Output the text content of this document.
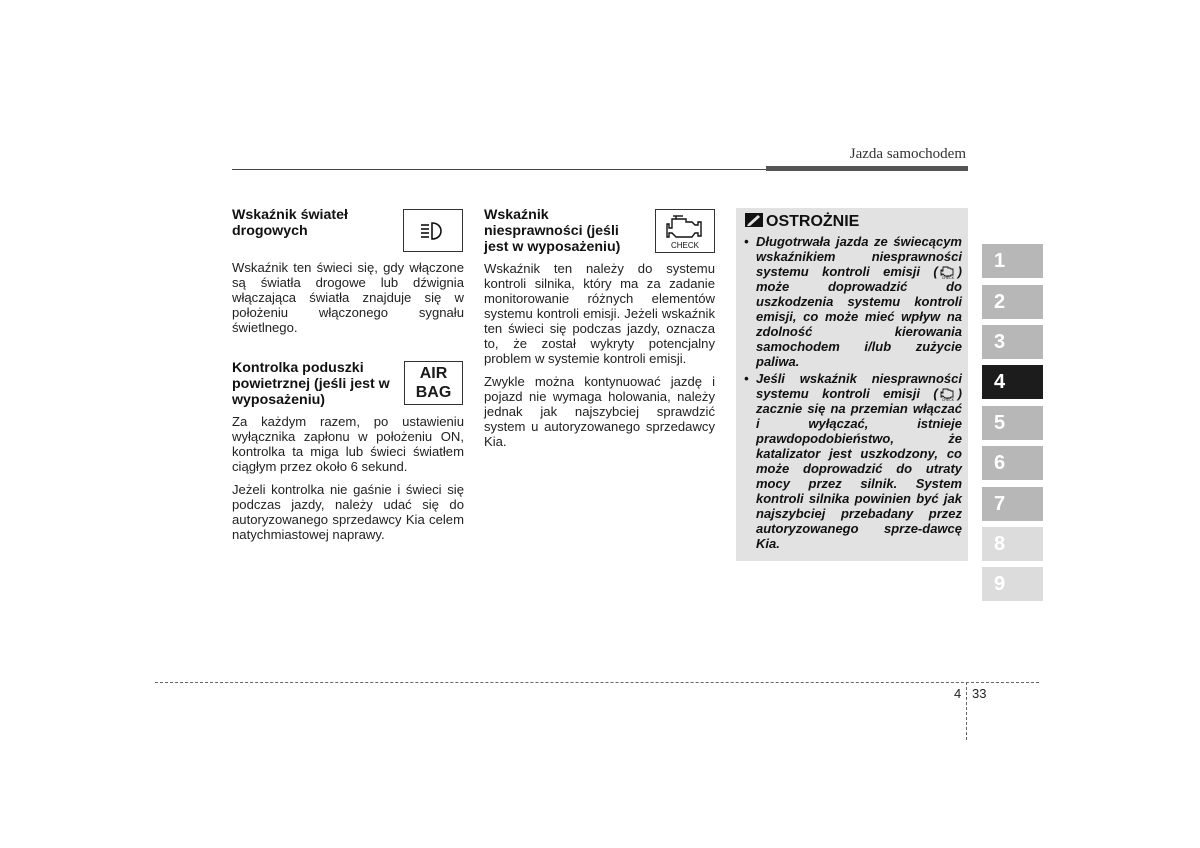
Jazda samochodem
Wskaźnik świateł drogowych

Wskaźnik ten świeci się, gdy włączone są światła drogowe lub dźwignia włączająca światła znajduje się w położeniu włączonego sygnału świetlnego.

Kontrolka poduszki powietrznej (jeśli jest w wyposażeniu)
AIR
BAG

Za każdym razem, po ustawieniu wyłącznika zapłonu w położeniu ON, kontrolka ta miga lub świeci światłem ciągłym przez około 6 sekund.

Jeżeli kontrolka nie gaśnie i świeci się podczas jazdy, należy udać się do autoryzowanego sprzedawcy Kia celem natychmiastowej naprawy.

Wskaźnik niesprawności (jeśli jest w wyposażeniu)	CHECK

Wskaźnik ten należy do systemu kontroli silnika, który ma za zadanie monitorowanie różnych elementów systemu kontroli emisji. Jeżeli wskaźnik ten świeci się podczas jazdy, oznacza to, że został wykryty potencjalny problem w systemie kontroli emisji.

Zwykle można kontynuować jazdę i pojazd nie wymaga holowania, należy jednak jak najszybciej sprawdzić system u autoryzowanego sprzedawcy Kia.

OSTROŻNIE
• Długotrwała jazda ze świecącym wskaźnikiem niesprawności systemu kontroli emisji ( CHECK ) może doprowadzić do uszkodzenia systemu kontroli emisji, co może mieć wpływ na zdolność kierowania samochodem i/lub zużycie paliwa.
• Jeśli wskaźnik niesprawności systemu kontroli emisji ( CHECK ) zacznie się na przemian włączać i wyłączać, istnieje prawdopodobieństwo, że katalizator jest uszkodzony, co może doprowadzić do utraty mocy przez silnik. System kontroli silnika powinien być jak najszybciej przebadany przez autoryzowanego sprze-dawcę Kia.
1
2
3
4
5
6
7
8
9
4 33
